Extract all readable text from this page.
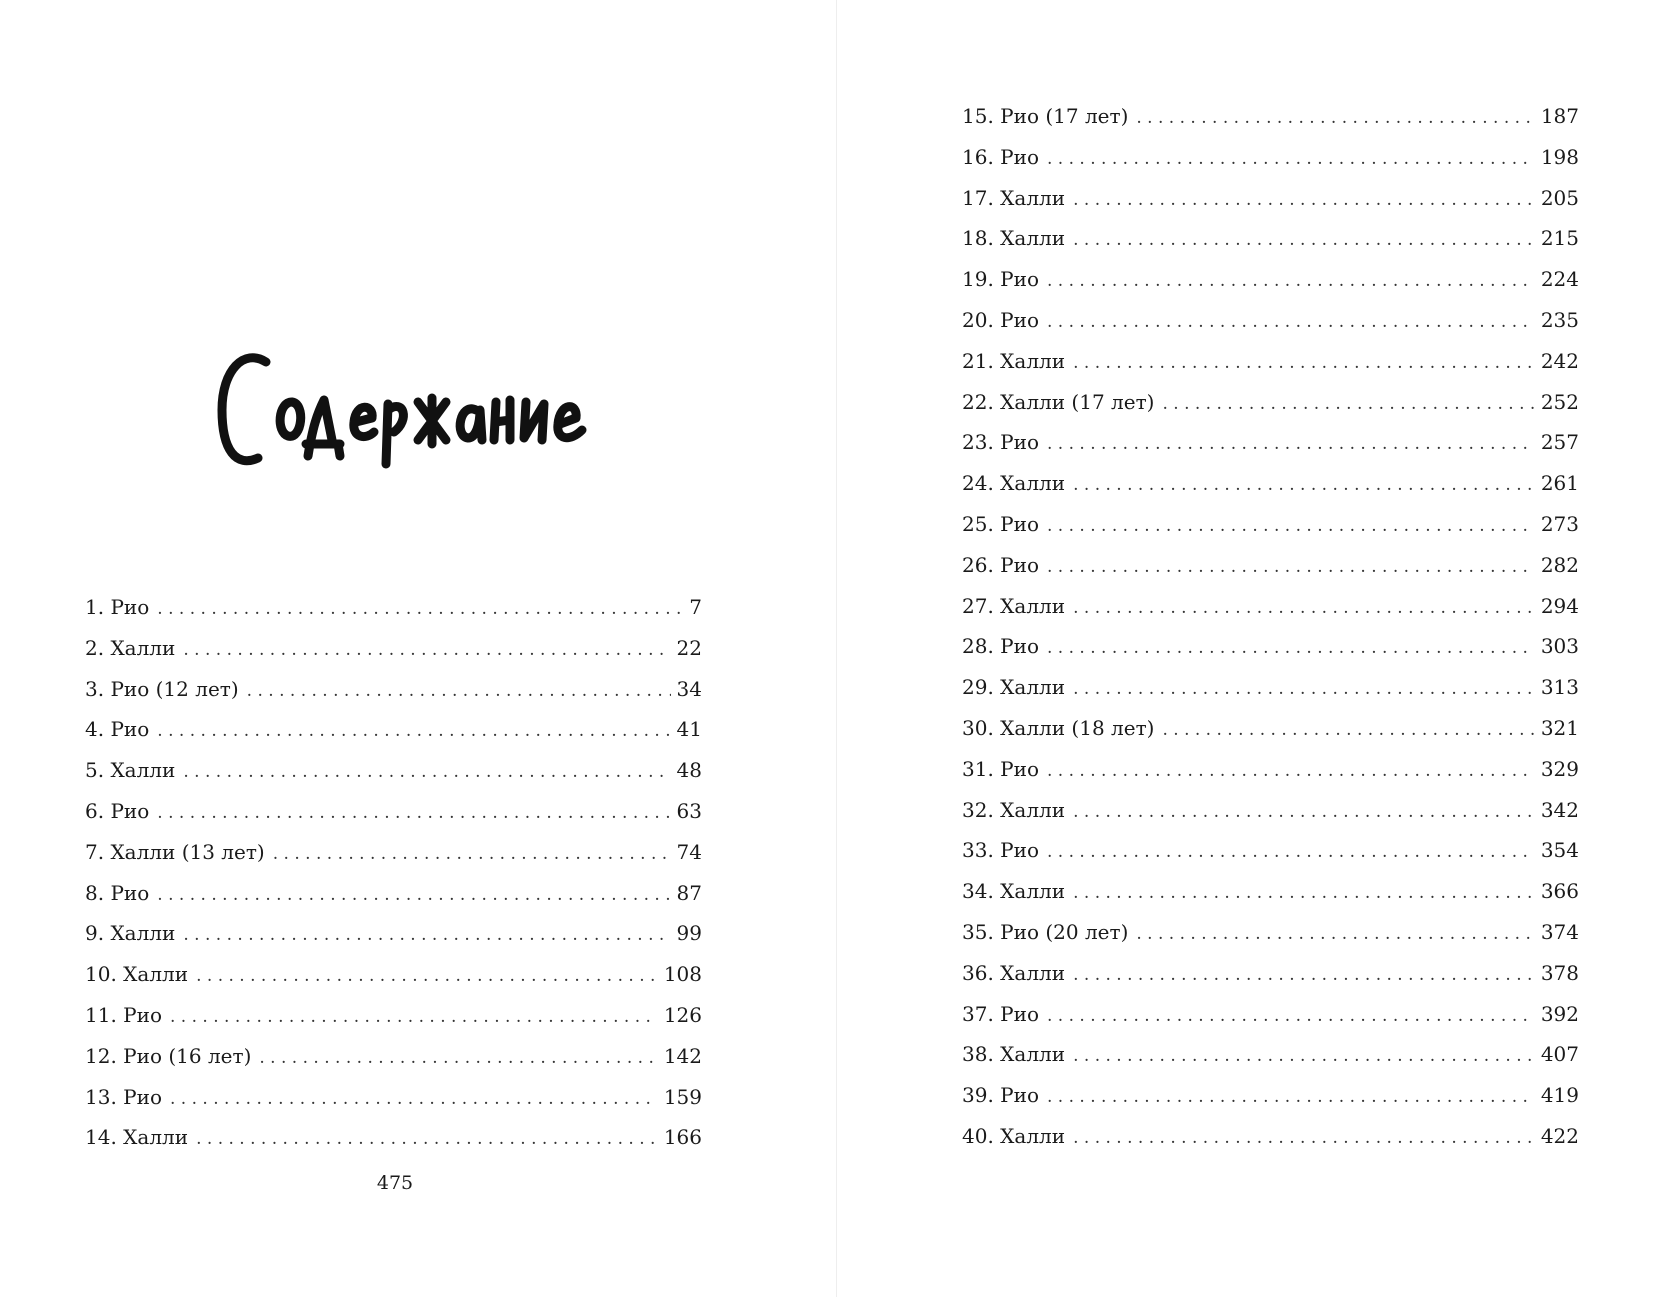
1. Рио . . .	7
2. Халли . . .	22
3. Рио (12 лет) . . .	34
4. Рио . . .	41
5. Халли . . .	48
6. Рио . . .	63
7. Халли (13 лет) . . .	74
8. Рио . . .	87
9. Халли . . .	99
10. Халли . . .	108
11. Рио . . .	126
12. Рио (16 лет) . . .	142
13. Рио . . .	159
14. Халли . . .	166
475
15. Рио (17 лет) . . .	187
16. Рио . . .	198
17. Халли . . .	205
18. Халли . . .	215
19. Рио . . .	224
20. Рио . . .	235
21. Халли . . .	242
22. Халли (17 лет) . . .	252
23. Рио . . .	257
24. Халли . . .	261
25. Рио . . .	273
26. Рио . . .	282
27. Халли . . .	294
28. Рио . . .	303
29. Халли . . .	313
30. Халли (18 лет) . . .	321
31. Рио . . .	329
32. Халли . . .	342
33. Рио . . .	354
34. Халли . . .	366
35. Рио (20 лет) . . .	374
36. Халли . . .	378
37. Рио . . .	392
38. Халли . . .	407
39. Рио . . .	419
40. Халли . . .	422
